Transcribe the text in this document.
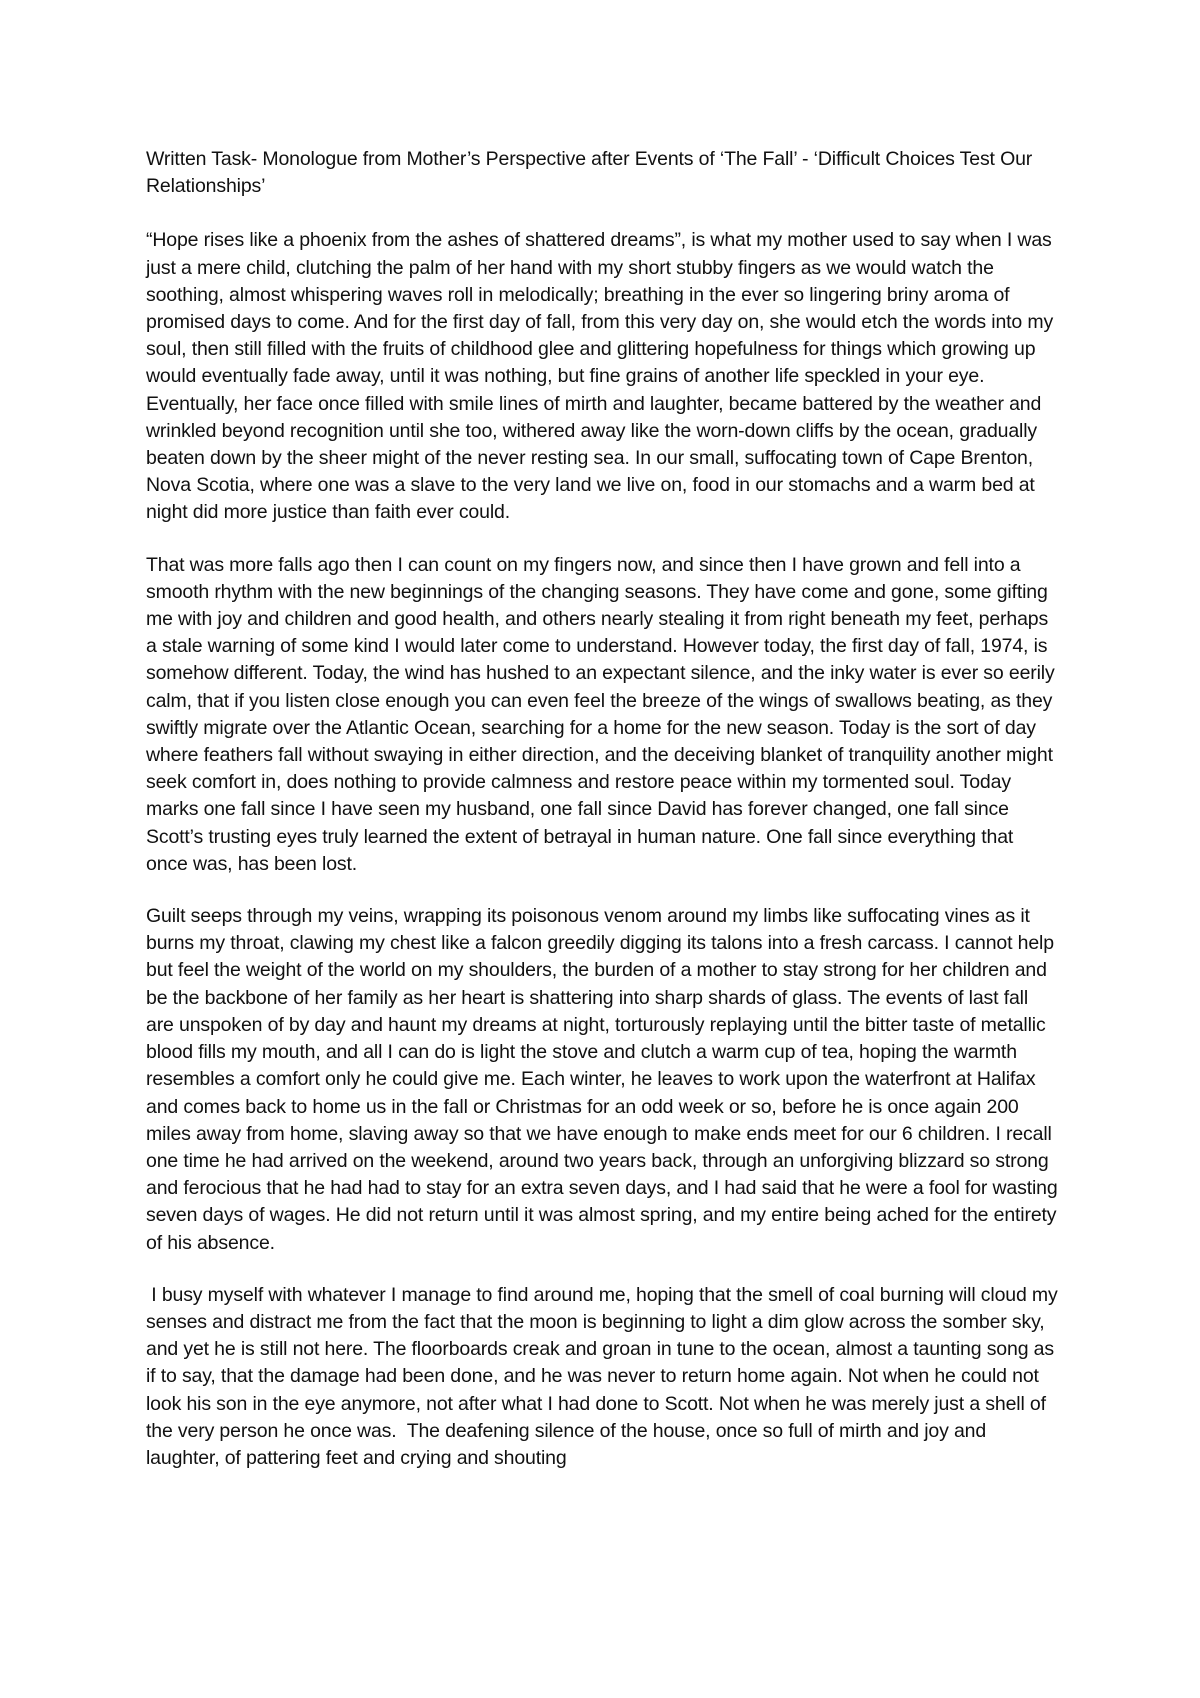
Written Task- Monologue from Mother’s Perspective after Events of ‘The Fall’ - ‘Difficult Choices Test Our Relationships’

“Hope rises like a phoenix from the ashes of shattered dreams”, is what my mother used to say when I was just a mere child, clutching the palm of her hand with my short stubby fingers as we would watch the soothing, almost whispering waves roll in melodically; breathing in the ever so lingering briny aroma of promised days to come. And for the first day of fall, from this very day on, she would etch the words into my soul, then still filled with the fruits of childhood glee and glittering hopefulness for things which growing up would eventually fade away, until it was nothing, but fine grains of another life speckled in your eye. Eventually, her face once filled with smile lines of mirth and laughter, became battered by the weather and wrinkled beyond recognition until she too, withered away like the worn-down cliffs by the ocean, gradually beaten down by the sheer might of the never resting sea. In our small, suffocating town of Cape Brenton, Nova Scotia, where one was a slave to the very land we live on, food in our stomachs and a warm bed at night did more justice than faith ever could.

That was more falls ago then I can count on my fingers now, and since then I have grown and fell into a smooth rhythm with the new beginnings of the changing seasons. They have come and gone, some gifting me with joy and children and good health, and others nearly stealing it from right beneath my feet, perhaps a stale warning of some kind I would later come to understand. However today, the first day of fall, 1974, is somehow different. Today, the wind has hushed to an expectant silence, and the inky water is ever so eerily calm, that if you listen close enough you can even feel the breeze of the wings of swallows beating, as they swiftly migrate over the Atlantic Ocean, searching for a home for the new season. Today is the sort of day where feathers fall without swaying in either direction, and the deceiving blanket of tranquility another might seek comfort in, does nothing to provide calmness and restore peace within my tormented soul. Today marks one fall since I have seen my husband, one fall since David has forever changed, one fall since Scott’s trusting eyes truly learned the extent of betrayal in human nature. One fall since everything that once was, has been lost.

Guilt seeps through my veins, wrapping its poisonous venom around my limbs like suffocating vines as it burns my throat, clawing my chest like a falcon greedily digging its talons into a fresh carcass. I cannot help but feel the weight of the world on my shoulders, the burden of a mother to stay strong for her children and be the backbone of her family as her heart is shattering into sharp shards of glass. The events of last fall are unspoken of by day and haunt my dreams at night, torturously replaying until the bitter taste of metallic blood fills my mouth, and all I can do is light the stove and clutch a warm cup of tea, hoping the warmth resembles a comfort only he could give me. Each winter, he leaves to work upon the waterfront at Halifax and comes back to home us in the fall or Christmas for an odd week or so, before he is once again 200 miles away from home, slaving away so that we have enough to make ends meet for our 6 children. I recall one time he had arrived on the weekend, around two years back, through an unforgiving blizzard so strong and ferocious that he had had to stay for an extra seven days, and I had said that he were a fool for wasting seven days of wages. He did not return until it was almost spring, and my entire being ached for the entirety of his absence.

I busy myself with whatever I manage to find around me, hoping that the smell of coal burning will cloud my senses and distract me from the fact that the moon is beginning to light a dim glow across the somber sky, and yet he is still not here. The floorboards creak and groan in tune to the ocean, almost a taunting song as if to say, that the damage had been done, and he was never to return home again. Not when he could not look his son in the eye anymore, not after what I had done to Scott. Not when he was merely just a shell of the very person he once was.  The deafening silence of the house, once so full of mirth and joy and laughter, of pattering feet and crying and shouting
